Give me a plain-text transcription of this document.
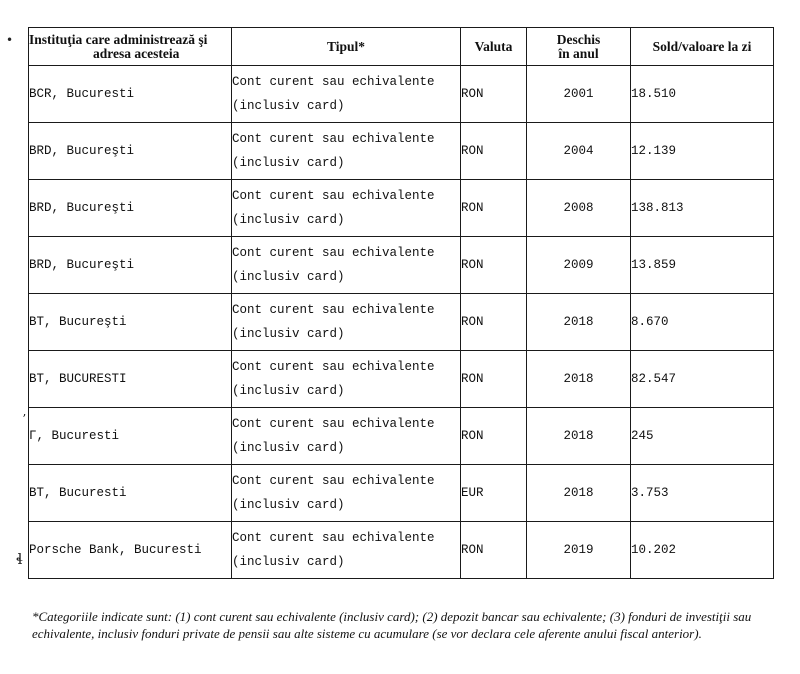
•
ʼ
ɬ
Instituţia care administrează şi
adresa acesteia	Tipul*	Valuta	Deschis
în anul	Sold/valoare la zi
BCR, Bucuresti	Cont curent sau echivalente
(inclusiv card)	RON	2001	18.510
BRD, Bucureşti	Cont curent sau echivalente
(inclusiv card)	RON	2004	12.139
BRD, Bucureşti	Cont curent sau echivalente
(inclusiv card)	RON	2008	138.813
BRD, Bucureşti	Cont curent sau echivalente
(inclusiv card)	RON	2009	13.859
BT, Bucureşti	Cont curent sau echivalente
(inclusiv card)	RON	2018	8.670
BT, BUCURESTI	Cont curent sau echivalente
(inclusiv card)	RON	2018	82.547
Γ, Bucuresti	Cont curent sau echivalente
(inclusiv card)	RON	2018	245
BT, Bucuresti	Cont curent sau echivalente
(inclusiv card)	EUR	2018	3.753
Porsche Bank, Bucuresti	Cont curent sau echivalente
(inclusiv card)	RON	2019	10.202

*Categoriile indicate sunt: (1) cont curent sau echivalente (inclusiv card); (2) depozit bancar sau echivalente; (3) fonduri de investiţii sau echivalente, inclusiv fonduri private de pensii sau alte sisteme cu acumulare (se vor declara cele aferente anului fiscal anterior).
